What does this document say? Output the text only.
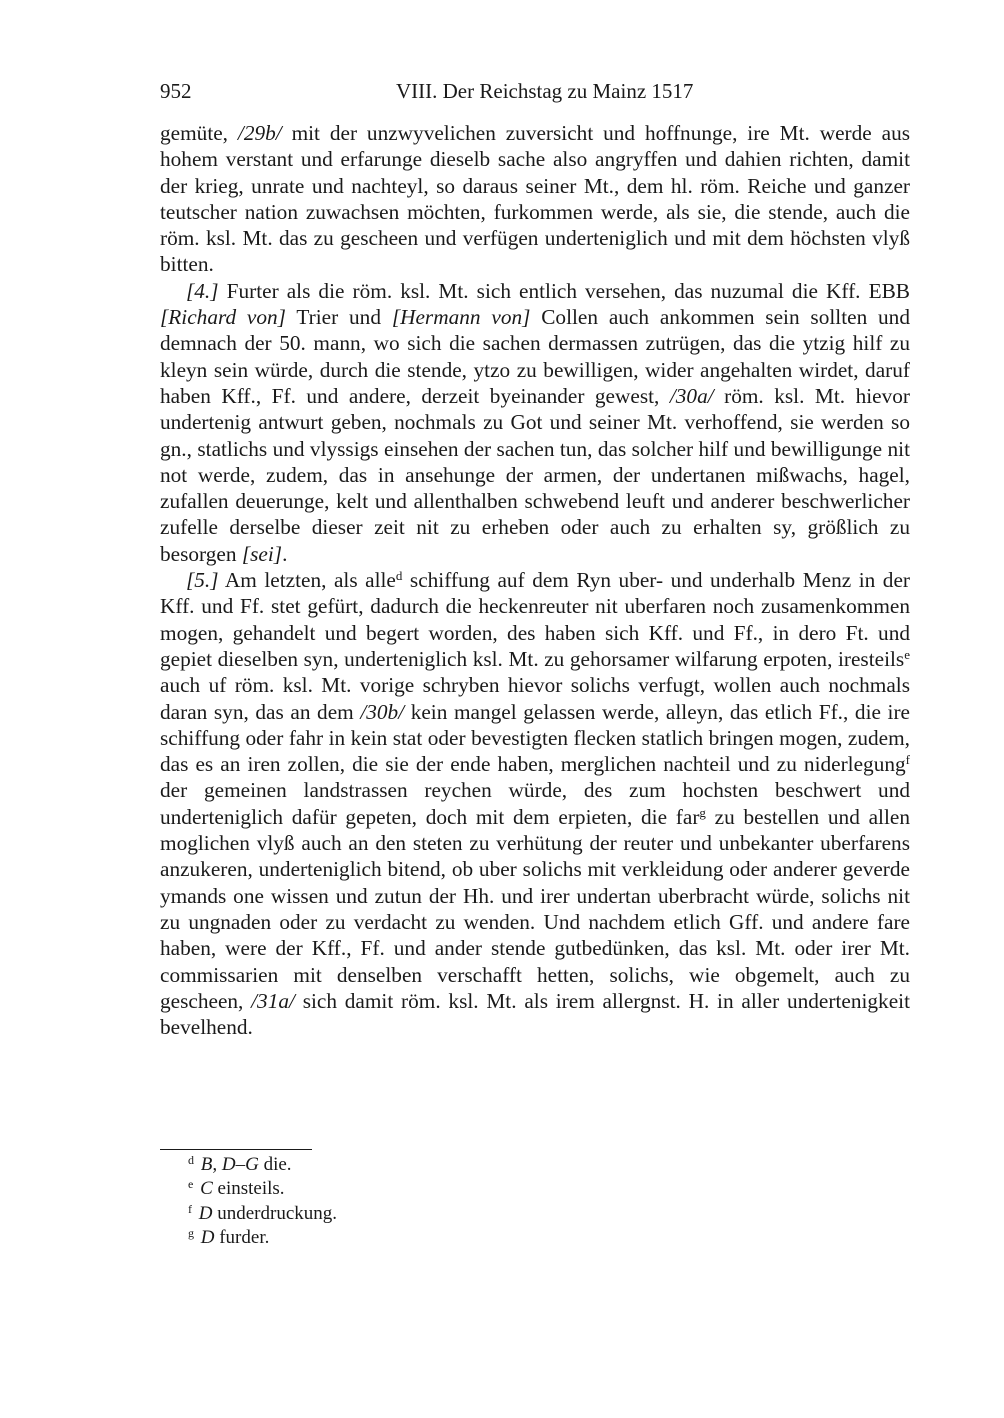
952	VIII. Der Reichstag zu Mainz 1517

gemüte, /29b/ mit der unzwyvelichen zuversicht und hoffnunge, ire Mt. werde aus hohem verstant und erfarunge dieselb sache also angryffen und dahien richten, damit der krieg, unrate und nachteyl, so daraus seiner Mt., dem hl. röm. Reiche und ganzer teutscher nation zuwachsen möchten, furkommen werde, als sie, die stende, auch die röm. ksl. Mt. das zu gescheen und verfügen underteniglich und mit dem höchsten vlyß bitten.

[4.] Furter als die röm. ksl. Mt. sich entlich versehen, das nuzumal die Kff. EBB [Richard von] Trier und [Hermann von] Collen auch ankommen sein sollten und demnach der 50. mann, wo sich die sachen dermassen zutrügen, das die ytzig hilf zu kleyn sein würde, durch die stende, ytzo zu bewilligen, wider angehalten wirdet, daruf haben Kff., Ff. und andere, derzeit byeinander gewest, /30a/ röm. ksl. Mt. hievor undertenig antwurt geben, nochmals zu Got und seiner Mt. verhoffend, sie werden so gn., statlichs und vlyssigs einsehen der sachen tun, das solcher hilf und bewilligunge nit not werde, zudem, das in ansehunge der armen, der undertanen mißwachs, hagel, zufallen deuerunge, kelt und allenthalben schwebend leuft und anderer beschwerlicher zufelle derselbe dieser zeit nit zu erheben oder auch zu erhalten sy, größlich zu besorgen [sei].

[5.] Am letzten, als alle$^d$ schiffung auf dem Ryn uber- und underhalb Menz in der Kff. und Ff. stet gefürt, dadurch die heckenreuter nit uberfaren noch zusamenkommen mogen, gehandelt und begert worden, des haben sich Kff. und Ff., in dero Ft. und gepiet dieselben syn, underteniglich ksl. Mt. zu gehorsamer wilfarung erpoten, iresteils$^e$ auch uf röm. ksl. Mt. vorige schryben hievor solichs verfugt, wollen auch nochmals daran syn, das an dem /30b/ kein mangel gelassen werde, alleyn, das etlich Ff., die ire schiffung oder fahr in kein stat oder bevestigten flecken statlich bringen mogen, zudem, das es an iren zollen, die sie der ende haben, merglichen nachteil und zu niderlegung$^f$ der gemeinen landstrassen reychen würde, des zum hochsten beschwert und underteniglich dafür gepeten, doch mit dem erpieten, die far$^g$ zu bestellen und allen moglichen vlyß auch an den steten zu verhütung der reuter und unbekanter uberfarens anzukeren, underteniglich bitend, ob uber solichs mit verkleidung oder anderer geverde ymands one wissen und zutun der Hh. und irer undertan uberbracht würde, solichs nit zu ungnaden oder zu verdacht zu wenden. Und nachdem etlich Gff. und andere fare haben, were der Kff., Ff. und ander stende gutbedünken, das ksl. Mt. oder irer Mt. commissarien mit denselben verschafft hetten, solichs, wie obgemelt, auch zu gescheen, /31a/ sich damit röm. ksl. Mt. als irem allergnst. H. in aller undertenigkeit bevelhend.

$^d$ B, D–G die.
$^e$ C einsteils.
$^f$ D underdruckung.
$^g$ D furder.
